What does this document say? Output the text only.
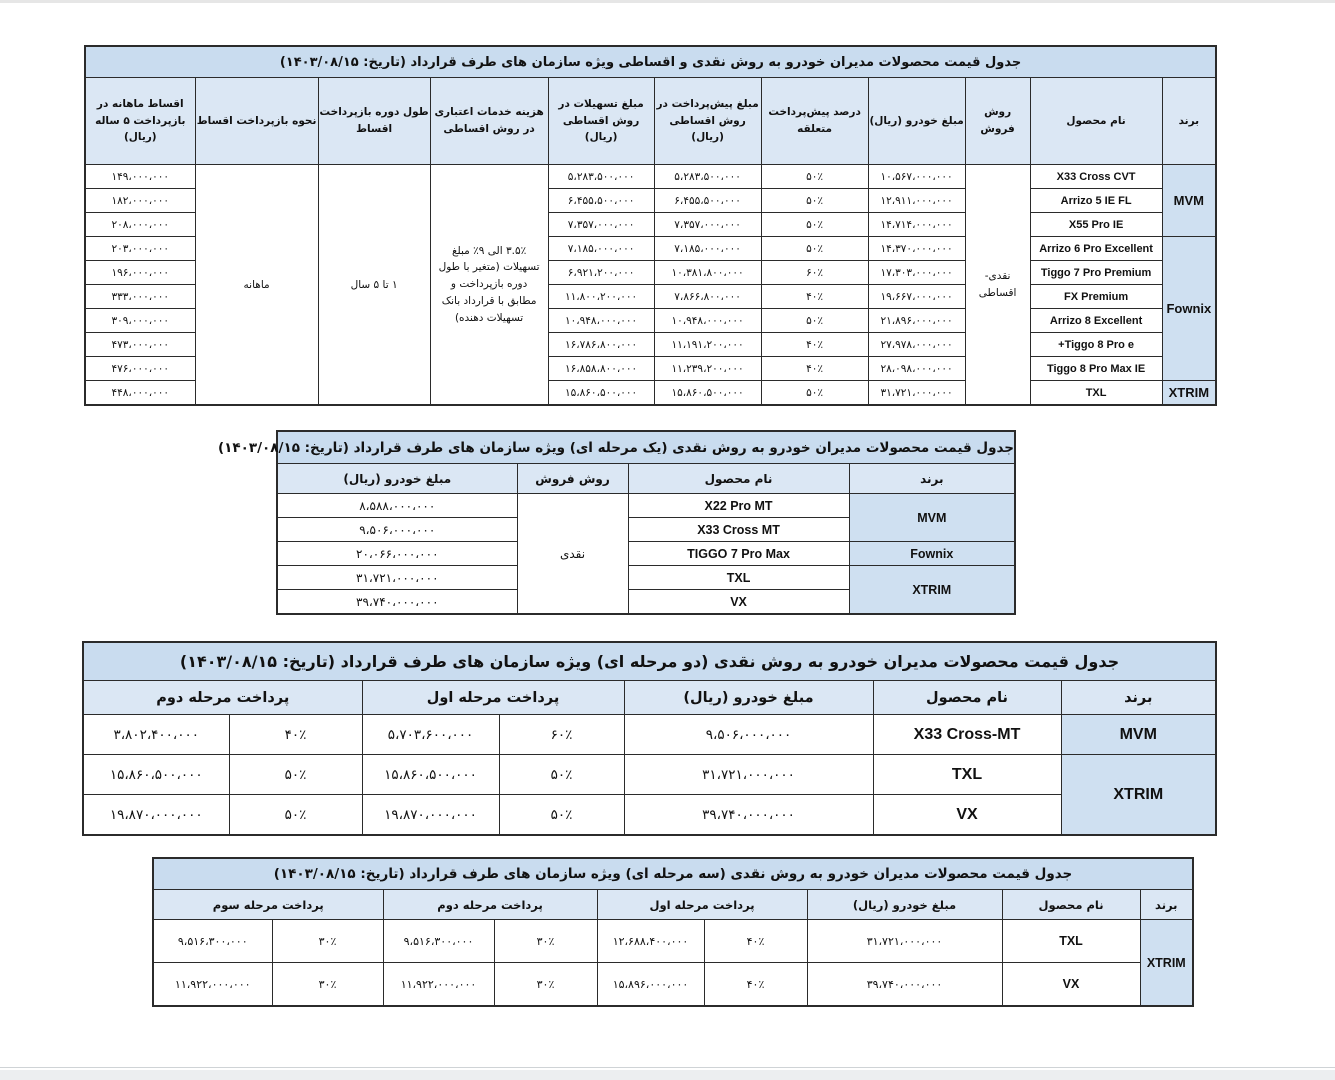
جدول قیمت محصولات مدیران خودرو به روش نقدی و اقساطی ویژه سازمان های طرف قرارداد (تاریخ: ۱۴۰۳/۰۸/۱۵)										
برند	نام محصول	روش فروش	مبلغ خودرو (ریال)	درصد پیش‌پرداخت متعلقه	مبلغ پیش‌پرداخت در روش اقساطی (ریال)	مبلغ تسهیلات در روش اقساطی (ریال)	هزینه خدمات اعتباری در روش اقساطی	طول دوره بازپرداخت اقساط	نحوه بازپرداخت اقساط	اقساط ماهانه در بازپرداخت ۵ ساله (ریال)
MVM	X33 Cross CVT	نقدی- اقساطی	۱۰،۵۶۷،۰۰۰،۰۰۰	۵۰٪	۵،۲۸۳،۵۰۰،۰۰۰	۵،۲۸۳،۵۰۰،۰۰۰	۳.۵٪ الی ۹٪ مبلغ تسهیلات (متغیر با طول دوره بازپرداخت و مطابق با قرارداد بانک تسهیلات دهنده)	۱ تا ۵ سال	ماهانه	۱۴۹،۰۰۰،۰۰۰
	Arrizo 5 IE FL		۱۲،۹۱۱،۰۰۰،۰۰۰	۵۰٪	۶،۴۵۵،۵۰۰،۰۰۰	۶،۴۵۵،۵۰۰،۰۰۰				۱۸۲،۰۰۰،۰۰۰
	X55 Pro IE		۱۴،۷۱۴،۰۰۰،۰۰۰	۵۰٪	۷،۳۵۷،۰۰۰،۰۰۰	۷،۳۵۷،۰۰۰،۰۰۰				۲۰۸،۰۰۰،۰۰۰
Fownix	Arrizo 6 Pro Excellent		۱۴،۳۷۰،۰۰۰،۰۰۰	۵۰٪	۷،۱۸۵،۰۰۰،۰۰۰	۷،۱۸۵،۰۰۰،۰۰۰				۲۰۳،۰۰۰،۰۰۰
	Tiggo 7 Pro Premium		۱۷،۳۰۳،۰۰۰،۰۰۰	۶۰٪	۱۰،۳۸۱،۸۰۰،۰۰۰	۶،۹۲۱،۲۰۰،۰۰۰				۱۹۶،۰۰۰،۰۰۰
	FX Premium		۱۹،۶۶۷،۰۰۰،۰۰۰	۴۰٪	۷،۸۶۶،۸۰۰،۰۰۰	۱۱،۸۰۰،۲۰۰،۰۰۰				۳۳۳،۰۰۰،۰۰۰
	Arrizo 8 Excellent		۲۱،۸۹۶،۰۰۰،۰۰۰	۵۰٪	۱۰،۹۴۸،۰۰۰،۰۰۰	۱۰،۹۴۸،۰۰۰،۰۰۰				۳۰۹،۰۰۰،۰۰۰
	Tiggo 8 Pro e+		۲۷،۹۷۸،۰۰۰،۰۰۰	۴۰٪	۱۱،۱۹۱،۲۰۰،۰۰۰	۱۶،۷۸۶،۸۰۰،۰۰۰				۴۷۳،۰۰۰،۰۰۰
	Tiggo 8 Pro Max IE		۲۸،۰۹۸،۰۰۰،۰۰۰	۴۰٪	۱۱،۲۳۹،۲۰۰،۰۰۰	۱۶،۸۵۸،۸۰۰،۰۰۰				۴۷۶،۰۰۰،۰۰۰
XTRIM	TXL		۳۱،۷۲۱،۰۰۰،۰۰۰	۵۰٪	۱۵،۸۶۰،۵۰۰،۰۰۰	۱۵،۸۶۰،۵۰۰،۰۰۰				۴۴۸،۰۰۰،۰۰۰
جدول قیمت محصولات مدیران خودرو به روش نقدی (یک مرحله ای) ویژه سازمان های طرف قرارداد (تاریخ: ۱۴۰۳/۰۸/۱۵)			
برند	نام محصول	روش فروش	مبلغ خودرو (ریال)
MVM	X22 Pro MT	نقدی	۸،۵۸۸،۰۰۰،۰۰۰
	X33 Cross MT		۹،۵۰۶،۰۰۰،۰۰۰
Fownix	TIGGO 7 Pro Max		۲۰،۰۶۶،۰۰۰،۰۰۰
XTRIM	TXL		۳۱،۷۲۱،۰۰۰،۰۰۰
	VX		۳۹،۷۴۰،۰۰۰،۰۰۰
جدول قیمت محصولات مدیران خودرو به روش نقدی (دو مرحله ای) ویژه سازمان های طرف قرارداد (تاریخ: ۱۴۰۳/۰۸/۱۵)						
برند	نام محصول	مبلغ خودرو (ریال)	پرداخت مرحله اول		پرداخت مرحله دوم	
MVM	X33 Cross-MT	۹،۵۰۶،۰۰۰،۰۰۰	۶۰٪	۵،۷۰۳،۶۰۰،۰۰۰	۴۰٪	۳،۸۰۲،۴۰۰،۰۰۰
XTRIM	TXL	۳۱،۷۲۱،۰۰۰،۰۰۰	۵۰٪	۱۵،۸۶۰،۵۰۰،۰۰۰	۵۰٪	۱۵،۸۶۰،۵۰۰،۰۰۰
	VX	۳۹،۷۴۰،۰۰۰،۰۰۰	۵۰٪	۱۹،۸۷۰،۰۰۰،۰۰۰	۵۰٪	۱۹،۸۷۰،۰۰۰،۰۰۰
جدول قیمت محصولات مدیران خودرو به روش نقدی (سه مرحله ای) ویژه سازمان های طرف قرارداد (تاریخ: ۱۴۰۳/۰۸/۱۵)								
برند	نام محصول	مبلغ خودرو (ریال)	پرداخت مرحله اول		پرداخت مرحله دوم		پرداخت مرحله سوم	
XTRIM	TXL	۳۱،۷۲۱،۰۰۰،۰۰۰	۴۰٪	۱۲،۶۸۸،۴۰۰،۰۰۰	۳۰٪	۹،۵۱۶،۳۰۰،۰۰۰	۳۰٪	۹،۵۱۶،۳۰۰،۰۰۰
	VX	۳۹،۷۴۰،۰۰۰،۰۰۰	۴۰٪	۱۵،۸۹۶،۰۰۰،۰۰۰	۳۰٪	۱۱،۹۲۲،۰۰۰،۰۰۰	۳۰٪	۱۱،۹۲۲،۰۰۰،۰۰۰
